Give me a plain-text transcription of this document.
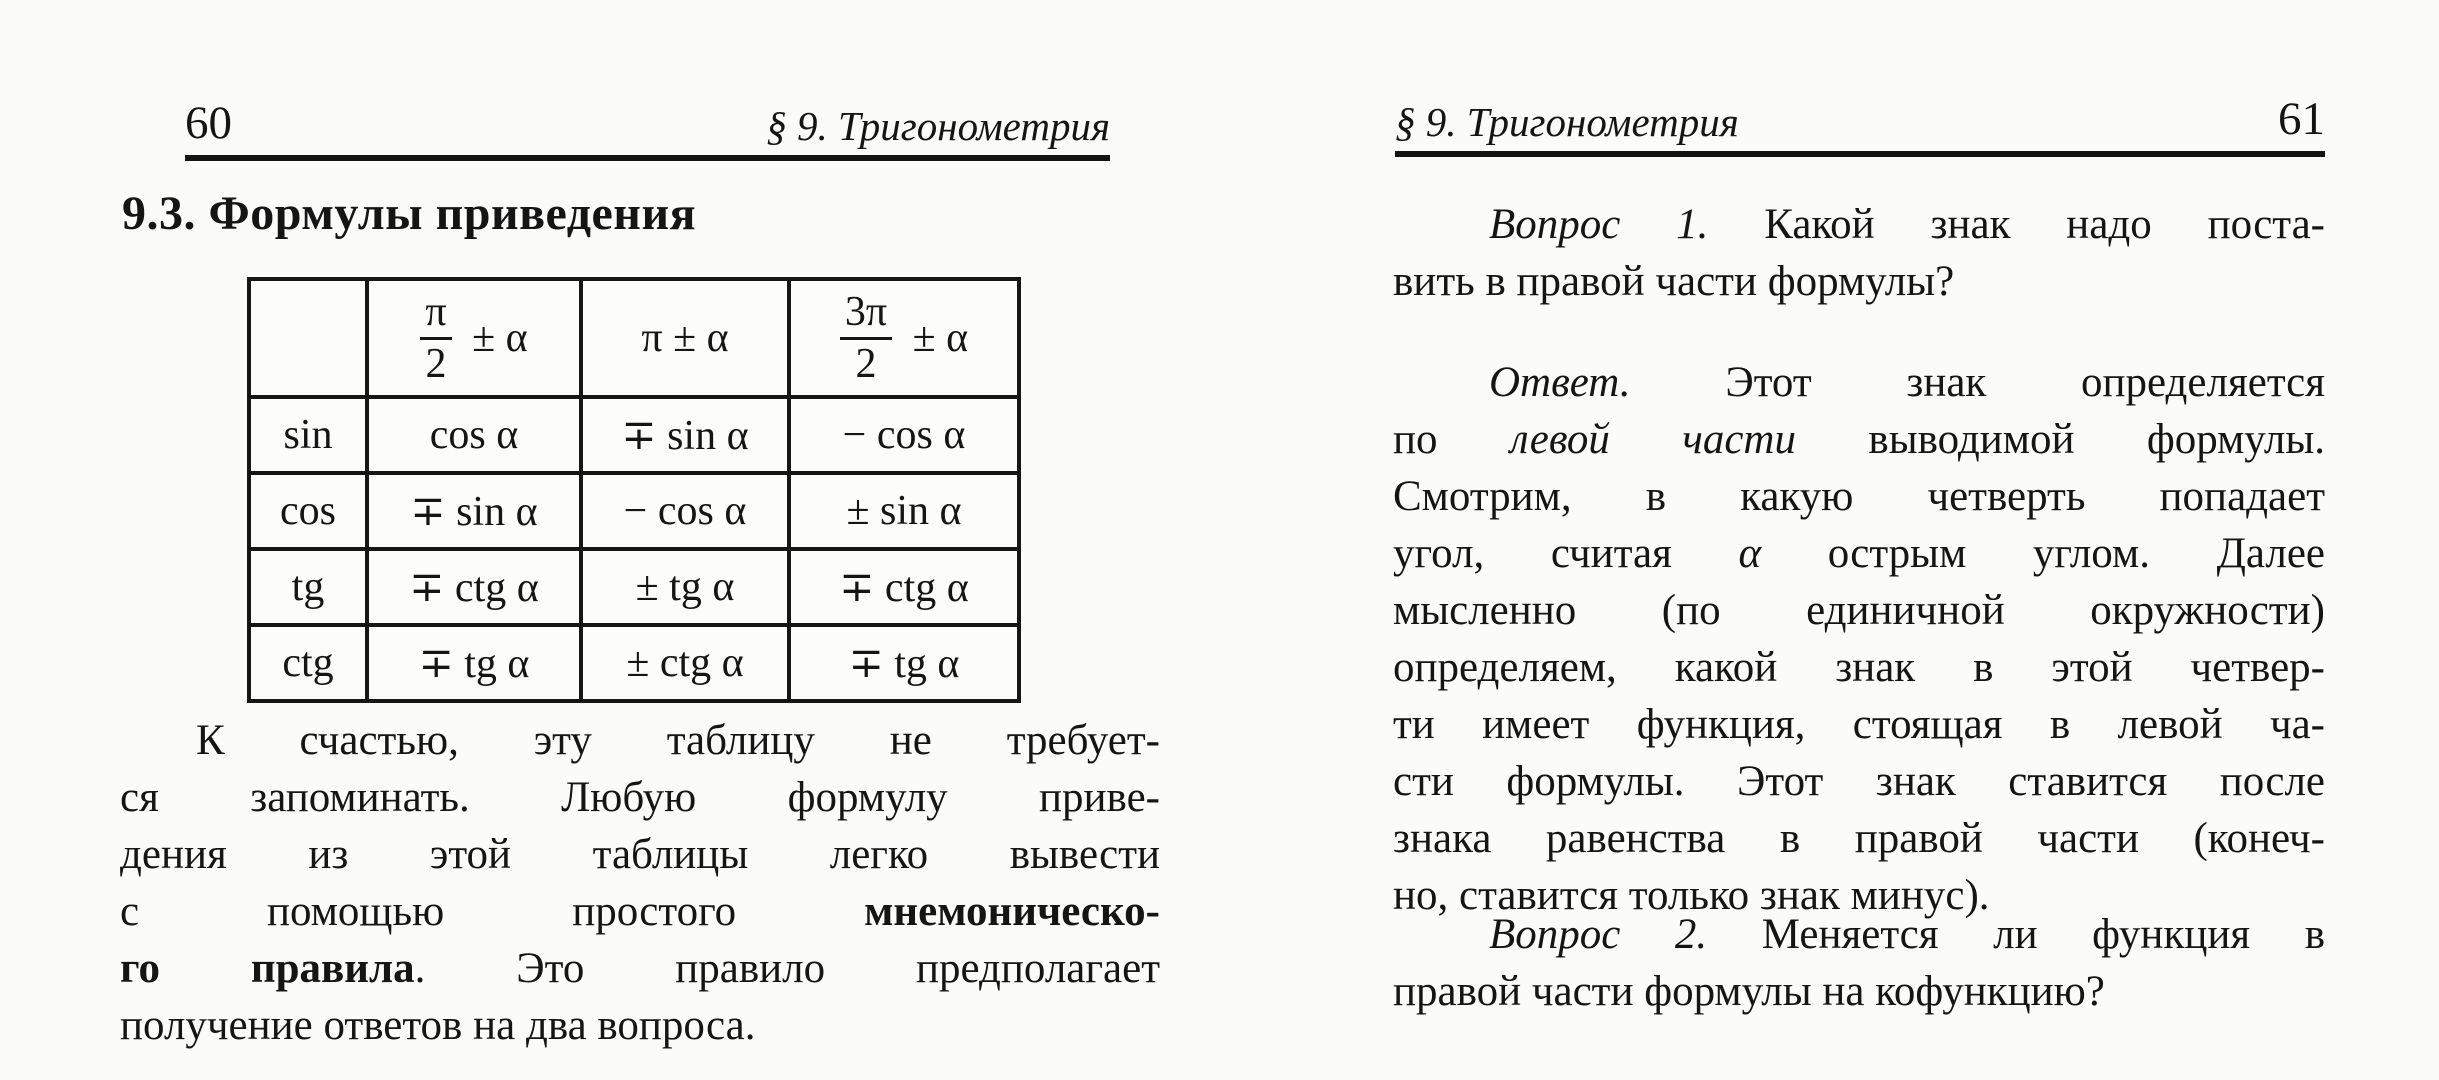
60	§ 9. Тригонометрия
9.3. Формулы приведения

	$\frac{\pi}{2} \pm \alpha$	π ± α	$\frac{3\pi}{2} \pm \alpha$
sin	cos α	∓ sin α	− cos α
cos	∓ sin α	− cos α	± sin α
tg	∓ ctg α	± tg α	∓ ctg α
ctg	∓ tg α	± ctg α	∓ tg α
К счастью, эту таблицу не требует-
ся запоминать. Любую формулу приве-
дения из этой таблицы легко вывести
с помощью простого мнемоническо-
го правила. Это правило предполагает
получение ответов на два вопроса.
§ 9. Тригонометрия	61
Вопрос 1. Какой знак надо поста-
вить в правой части формулы?
Ответ. Этот знак определяется
по левой части выводимой формулы.
Смотрим, в какую четверть попадает
угол, считая α острым углом. Далее
мысленно (по единичной окружности)
определяем, какой знак в этой четвер-
ти имеет функция, стоящая в левой ча-
сти формулы. Этот знак ставится после
знака равенства в правой части (конеч-
но, ставится только знак минус).
Вопрос 2. Меняется ли функция в
правой части формулы на кофункцию?
